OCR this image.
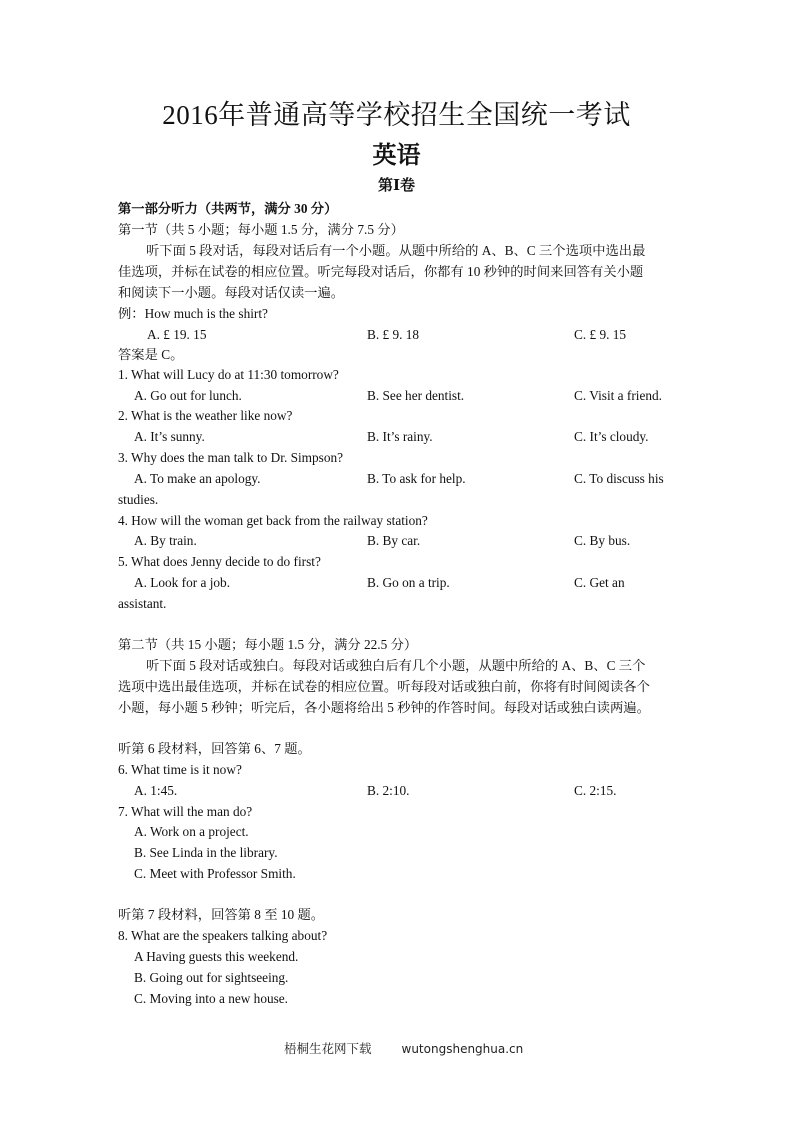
2016年普通高等学校招生全国统一考试
英语
第Ⅰ卷
第一部分听力（共两节，满分 30 分）
第一节（共 5 小题；每小题 1.5 分，满分 7.5 分）
听下面 5 段对话，每段对话后有一个小题。从题中所给的 A、B、C 三个选项中选出最
佳选项，并标在试卷的相应位置。听完每段对话后，你都有 10 秒钟的时间来回答有关小题
和阅读下一小题。每段对话仅读一遍。
例：How much is the shirt?
A. £ 19. 15	B. £ 9. 18	C. £ 9. 15
答案是 C。
1. What will Lucy do at 11:30 tomorrow?
A. Go out for lunch.	B. See her dentist.	C. Visit a friend.
2. What is the weather like now?
A. It’s sunny.	B. It’s rainy.	C. It’s cloudy.
3. Why does the man talk to Dr. Simpson?
A. To make an apology.	B. To ask for help.	C. To discuss his
studies.
4. How will the woman get back from the railway station?
A. By train.	B. By car.	C. By bus.
5. What does Jenny decide to do first?
A. Look for a job.	B. Go on a trip.	C. Get an
assistant.
第二节（共 15 小题；每小题 1.5 分，满分 22.5 分）
听下面 5 段对话或独白。每段对话或独白后有几个小题，从题中所给的 A、B、C 三个
选项中选出最佳选项，并标在试卷的相应位置。听每段对话或独白前，你将有时间阅读各个
小题，每小题 5 秒钟；听完后，各小题将给出 5 秒钟的作答时间。每段对话或独白读两遍。
听第 6 段材料，回答第 6、7 题。
6. What time is it now?
A. 1:45.	B. 2:10.	C. 2:15.
7. What will the man do?
A. Work on a project.
B. See Linda in the library.
C. Meet with Professor Smith.
听第 7 段材料，回答第 8 至 10 题。
8. What are the speakers talking about?
A Having guests this weekend.
B. Going out for sightseeing.
C. Moving into a new house.
梧桐生花网下载	wutongshenghua.cn
